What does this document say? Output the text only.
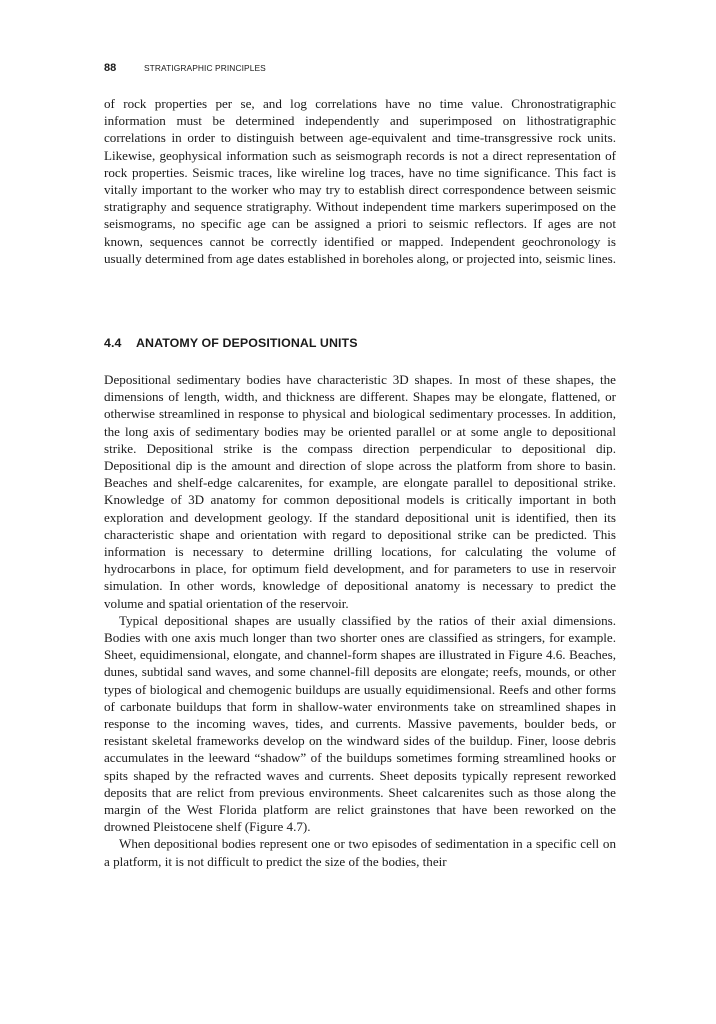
88	STRATIGRAPHIC PRINCIPLES

of rock properties per se, and log correlations have no time value. Chronostratigraphic information must be determined independently and superimposed on lithostratigraphic correlations in order to distinguish between age-equivalent and time-transgressive rock units. Likewise, geophysical information such as seismograph records is not a direct representation of rock properties. Seismic traces, like wireline log traces, have no time significance. This fact is vitally important to the worker who may try to establish direct correspondence between seismic stratigraphy and sequence stratigraphy. Without independent time markers superimposed on the seismograms, no specific age can be assigned a priori to seismic reflectors. If ages are not known, sequences cannot be correctly identified or mapped. Independent geochronology is usually determined from age dates established in boreholes along, or projected into, seismic lines.

4.4	ANATOMY OF DEPOSITIONAL UNITS

Depositional sedimentary bodies have characteristic 3D shapes. In most of these shapes, the dimensions of length, width, and thickness are different. Shapes may be elongate, flattened, or otherwise streamlined in response to physical and biological sedimentary processes. In addition, the long axis of sedimentary bodies may be oriented parallel or at some angle to depositional strike. Depositional strike is the compass direction perpendicular to depositional dip. Depositional dip is the amount and direction of slope across the platform from shore to basin. Beaches and shelf-edge calcarenites, for example, are elongate parallel to depositional strike. Knowledge of 3D anatomy for common depositional models is critically important in both exploration and development geology. If the standard depositional unit is identified, then its characteristic shape and orientation with regard to depositional strike can be predicted. This information is necessary to determine drilling locations, for calculating the volume of hydrocarbons in place, for optimum field development, and for parameters to use in reservoir simulation. In other words, knowledge of depositional anatomy is necessary to predict the volume and spatial orientation of the reservoir.

Typical depositional shapes are usually classified by the ratios of their axial dimensions. Bodies with one axis much longer than two shorter ones are classified as stringers, for example. Sheet, equidimensional, elongate, and channel-form shapes are illustrated in Figure 4.6. Beaches, dunes, subtidal sand waves, and some channel-fill deposits are elongate; reefs, mounds, or other types of biological and chemogenic buildups are usually equidimensional. Reefs and other forms of carbonate buildups that form in shallow-water environments take on streamlined shapes in response to the incoming waves, tides, and currents. Massive pavements, boulder beds, or resistant skeletal frameworks develop on the windward sides of the buildup. Finer, loose debris accumulates in the leeward “shadow” of the buildups sometimes forming streamlined hooks or spits shaped by the refracted waves and currents. Sheet deposits typically represent reworked deposits that are relict from previous environments. Sheet calcarenites such as those along the margin of the West Florida platform are relict grainstones that have been reworked on the drowned Pleistocene shelf (Figure 4.7).

When depositional bodies represent one or two episodes of sedimentation in a specific cell on a platform, it is not difficult to predict the size of the bodies, their
